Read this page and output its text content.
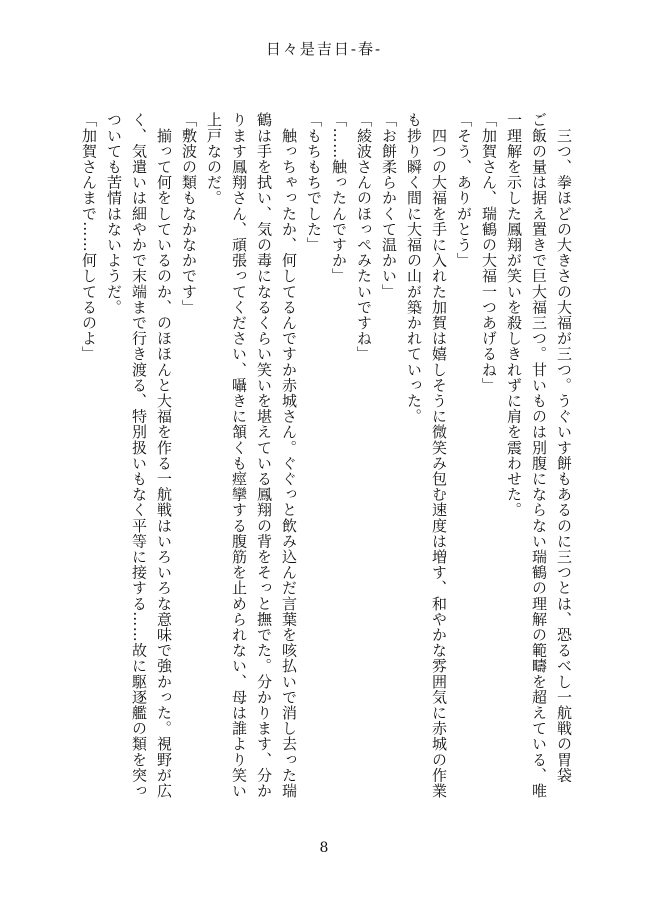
日々是吉日-春-
　三つ、拳ほどの大きさの大福が三つ。うぐいす餅もあるのに三つとは、恐るべし一航戦の胃袋
ご飯の量は据え置きで巨大福三つ。甘いものは別腹にならない瑞鶴の理解の範疇を超えている、唯
一理解を示した鳳翔が笑いを殺しきれずに肩を震わせた。
「加賀さん、瑞鶴の大福一つあげるね」
「そう、ありがとう」
　四つの大福を手に入れた加賀は嬉しそうに微笑み包む速度は増す、和やかな雰囲気に赤城の作業
も捗り瞬く間に大福の山が築かれていった。
「お餅柔らかくて温かい」
「綾波さんのほっぺみたいですね」
「……触ったんですか」
「もちもちでした」
　触っちゃったか、何してるんですか赤城さん。ぐぐっと飲み込んだ言葉を咳払いで消し去った瑞
鶴は手を拭い、気の毒になるくらい笑いを堪えている鳳翔の背をそっと撫でた。分かります、分か
ります鳳翔さん、頑張ってください、囁きに頷くも痙攣する腹筋を止められない、母は誰より笑い
上戸なのだ。
「敷波の類もなかなかです」
　揃って何をしているのか、のほほんと大福を作る一航戦はいろいろな意味で強かった。視野が広
く、気遣いは細やかで末端まで行き渡る、特別扱いもなく平等に接する……故に駆逐艦の類を突っ
ついても苦情はないようだ。
「加賀さんまで……何してるのよ」
8
